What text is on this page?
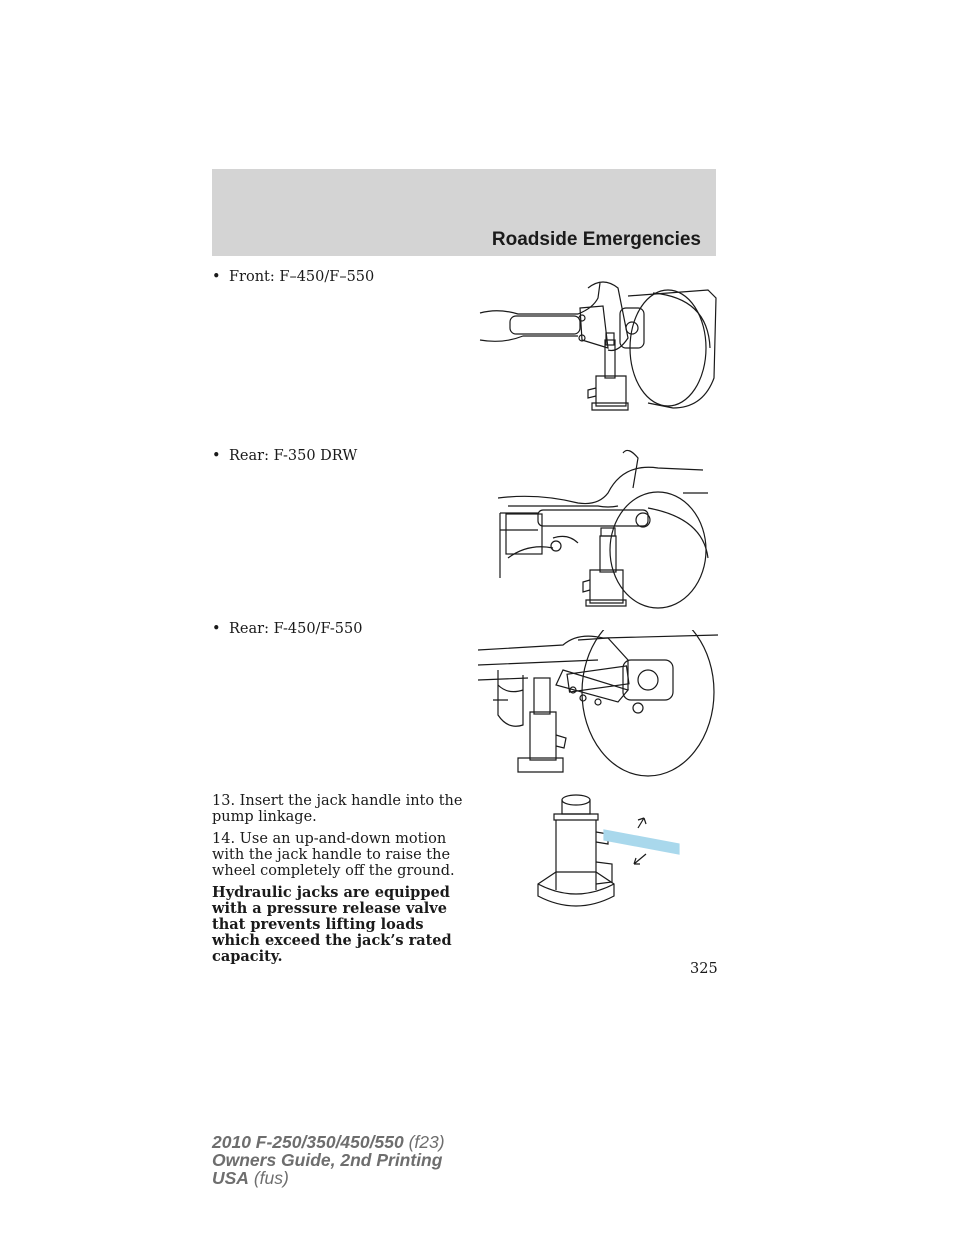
Roadside Emergencies
• Front: F–450/F–550
• Rear: F-350 DRW
• Rear: F-450/F-550

13. Insert the jack handle into the pump linkage.

14. Use an up-and-down motion with the jack handle to raise the wheel completely off the ground.

Hydraulic jacks are equipped with a pressure release valve that prevents lifting loads which exceed the jack’s rated capacity.

325
2010 F-250/350/450/550 (f23)
Owners Guide, 2nd Printing
USA (fus)
